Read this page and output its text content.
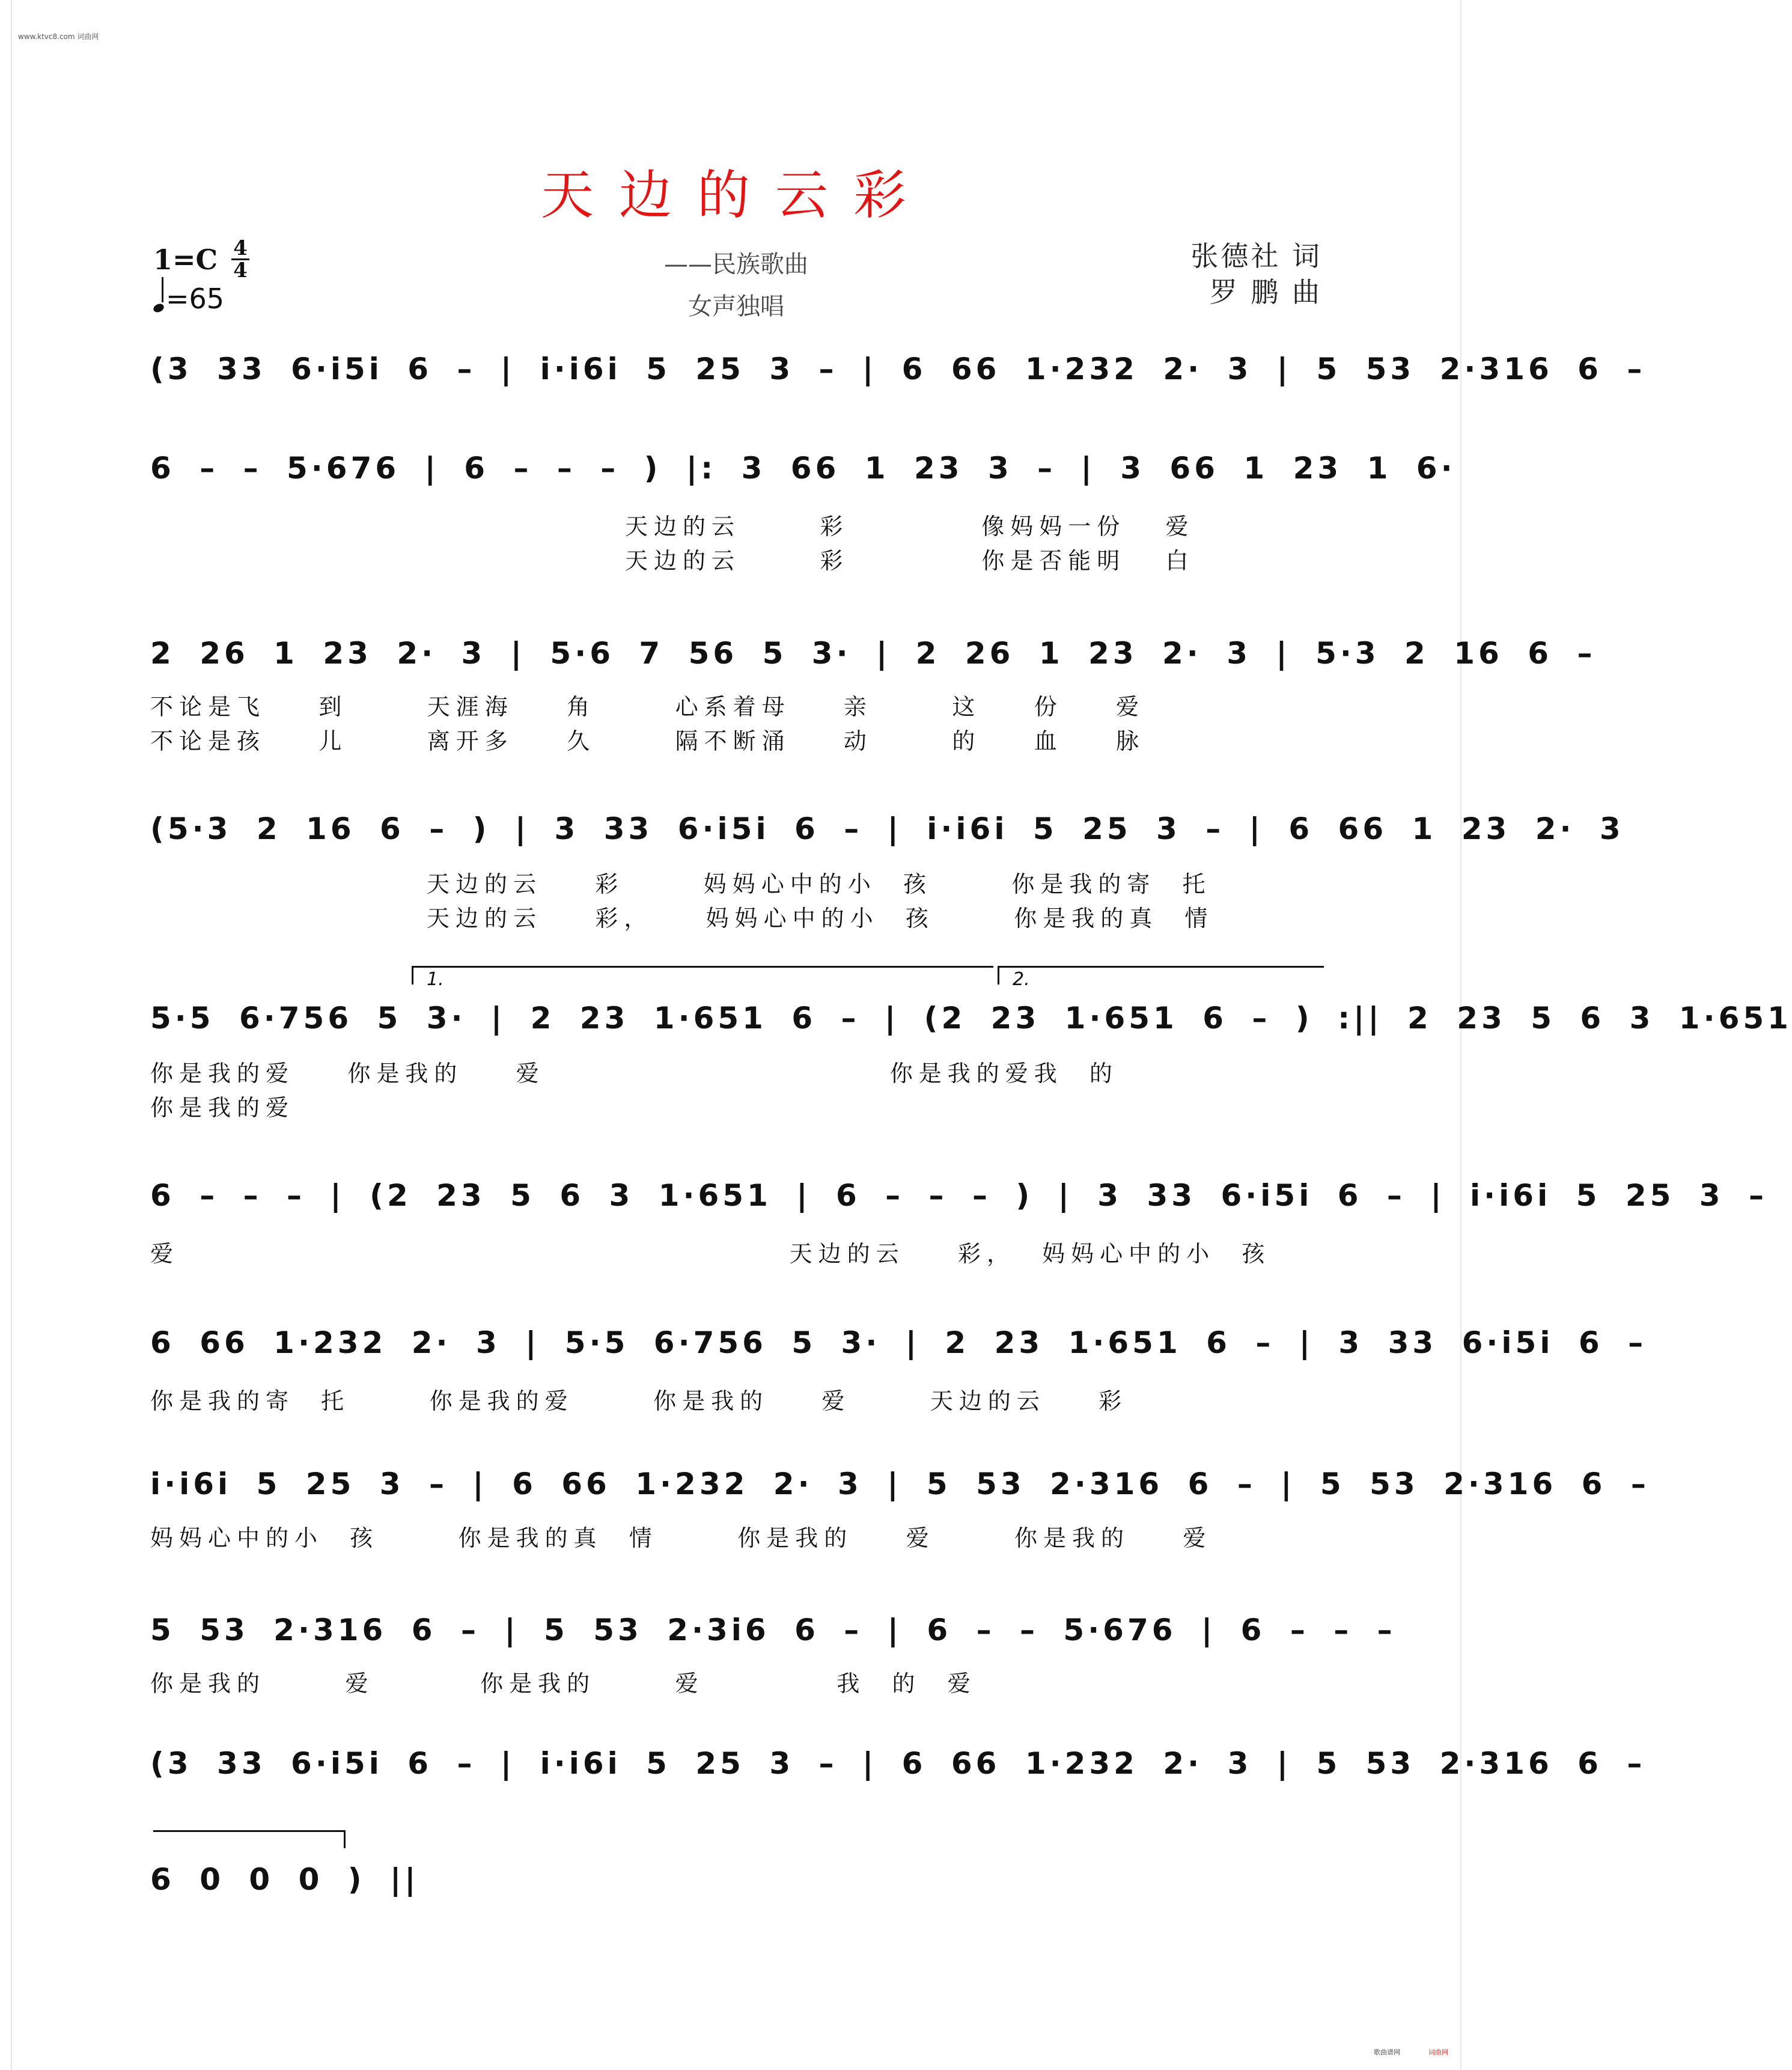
www.ktvc8.com 词曲网
歌曲谱网	词曲网
天边的云彩
——民族歌曲
女声独唱
张德社 词
罗 鹏 曲
1=C 4
4
=65
(3 33 6·i5i 6 – | i·i6i 5 25 3 – | 6 66 1·232 2· 3 | 5 53 2·316 6 –
6 – – 5·676 | 6 – – – ) |: 3 66 1 23 3 – | 3 66 1 23 1 6·
天边的云      彩          像妈妈一份   爱
天边的云      彩          你是否能明   白
2 26 1 23 2· 3 | 5·6 7 56 5 3· | 2 26 1 23 2· 3 | 5·3 2 16 6 –
不论是飞    到      天涯海    角      心系着母    亲      这    份    爱
不论是孩    儿      离开多    久      隔不断涌    动      的    血    脉
(5·3 2 16 6 – ) | 3 33 6·i5i 6 – | i·i6i 5 25 3 – | 6 66 1 23 2· 3
天边的云    彩      妈妈心中的小  孩      你是我的寄  托
天边的云    彩，    妈妈心中的小  孩      你是我的真  情
1.	2.
5·5 6·756 5 3· | 2 23 1·651 6 – | (2 23 1·651 6 – ) :|| 2 23 5 6 3 1·651
你是我的爱    你是我的    爱                          你是我的爱我  的
你是我的爱
6 – – – | (2 23 5 6 3 1·651 | 6 – – – ) | 3 33 6·i5i 6 – | i·i6i 5 25 3 –
爱                                              天边的云    彩，  妈妈心中的小  孩
6 66 1·232 2· 3 | 5·5 6·756 5 3· | 2 23 1·651 6 – | 3 33 6·i5i 6 –
你是我的寄  托      你是我的爱      你是我的    爱      天边的云    彩
i·i6i 5 25 3 – | 6 66 1·232 2· 3 | 5 53 2·316 6 – | 5 53 2·316 6 –
妈妈心中的小  孩      你是我的真  情      你是我的    爱      你是我的    爱
5 53 2·316 6 – | 5 53 2·3i6 6 – | 6 – – 5·676 | 6 – – –
你是我的      爱        你是我的      爱          我  的  爱
(3 33 6·i5i 6 – | i·i6i 5 25 3 – | 6 66 1·232 2· 3 | 5 53 2·316 6 –
6 0 0 0 ) ||
